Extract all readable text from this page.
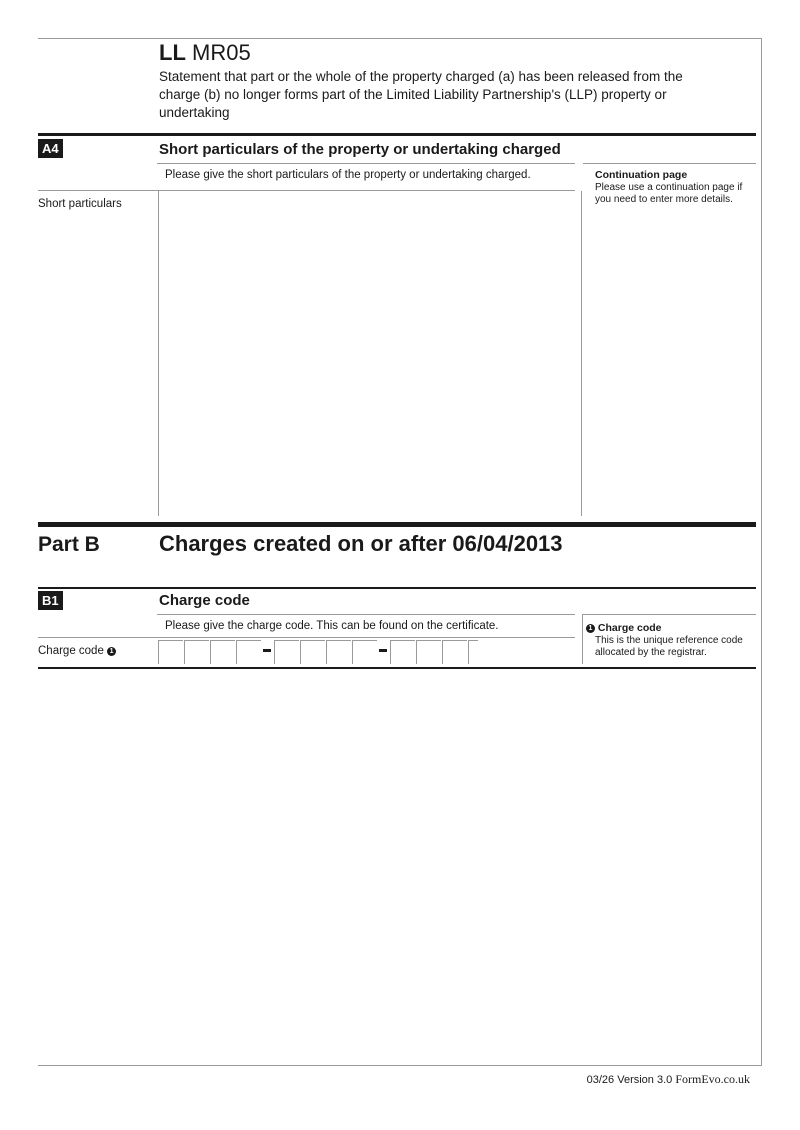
LL MR05
Statement that part or the whole of the property charged (a) has been released from the charge (b) no longer forms part of the Limited Liability Partnership's (LLP) property or undertaking
A4	Short particulars of the property or undertaking charged
Please give the short particulars of the property or undertaking charged.
Short particulars
Continuation page
Please use a continuation page if you need to enter more details.
Part B	Charges created on or after 06/04/2013
B1	Charge code
Please give the charge code. This can be found on the certificate.
Charge code 1
1 Charge code
This is the unique reference code allocated by the registrar.
03/26 Version 3.0 FormEvo.co.uk
